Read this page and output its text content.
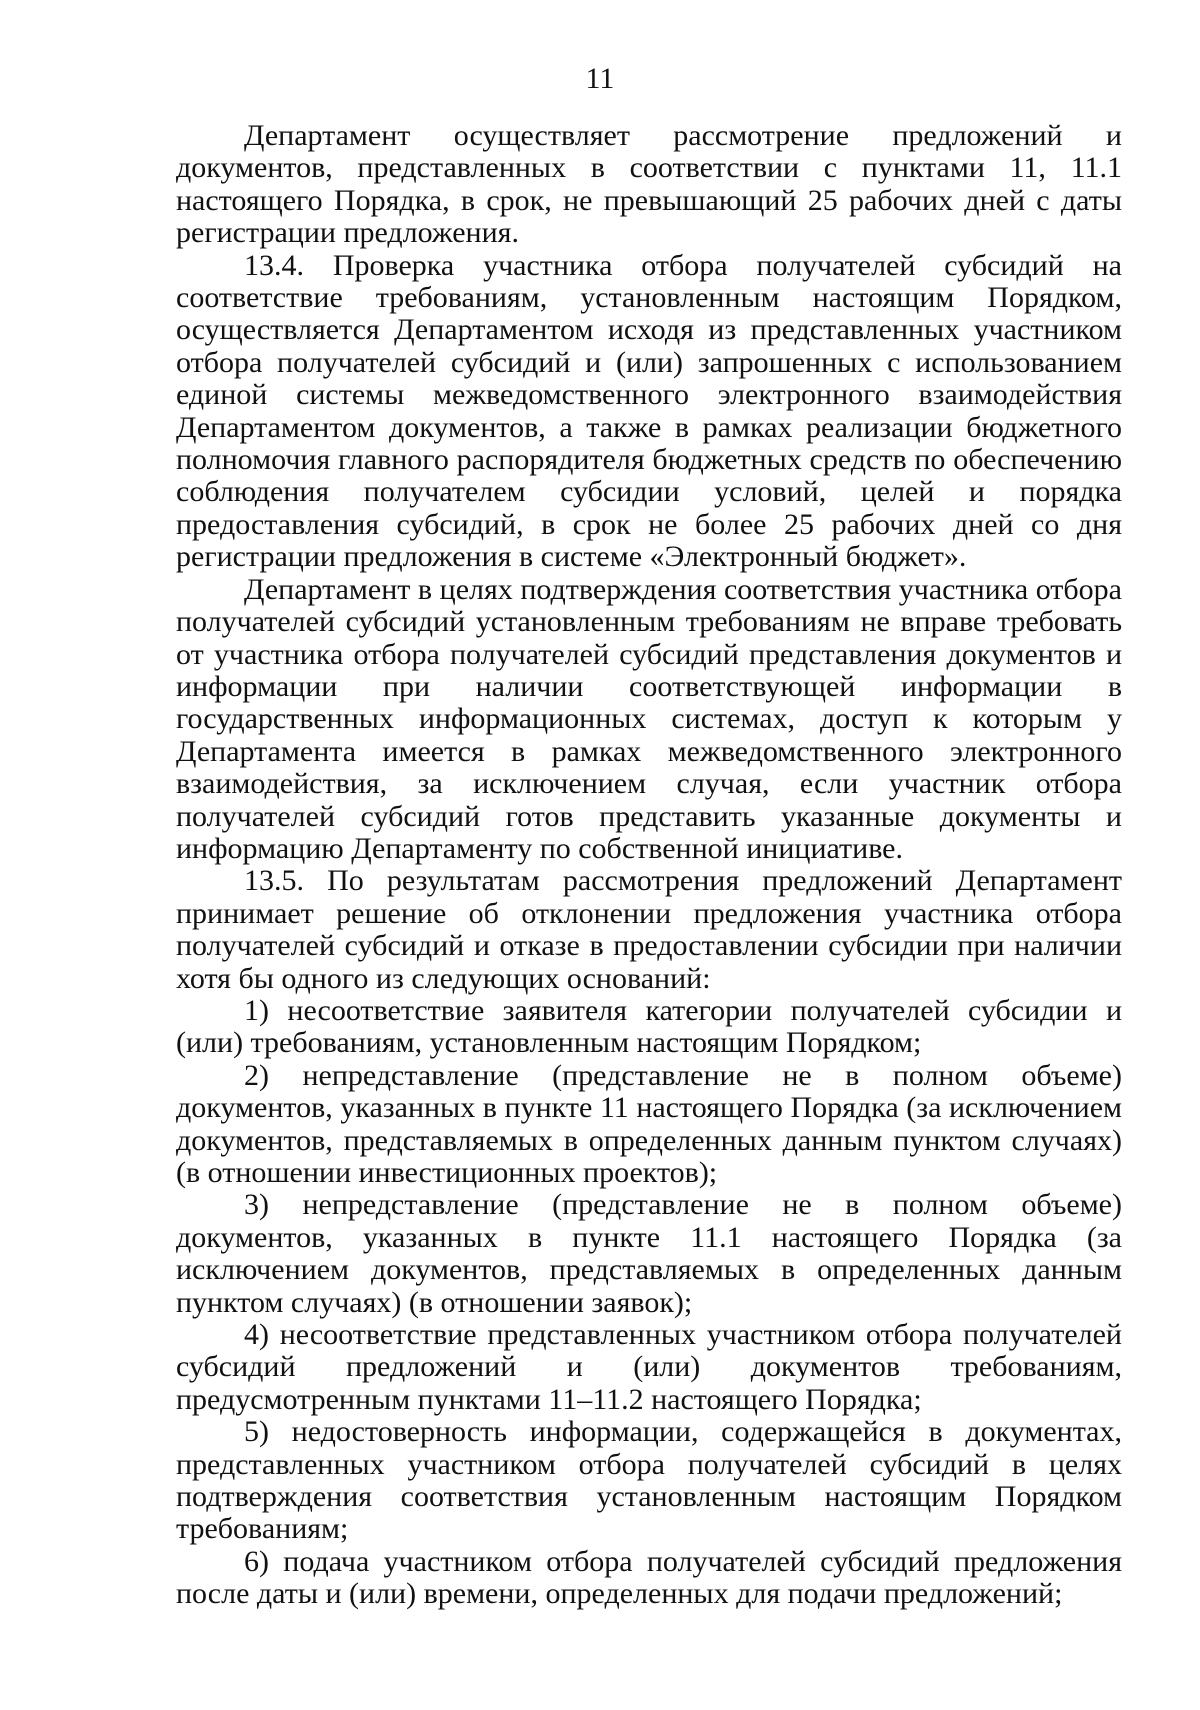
11

Департамент осуществляет рассмотрение предложений и документов, представленных в соответствии с пунктами 11, 11.1 настоящего Порядка, в срок, не превышающий 25 рабочих дней с даты регистрации предложения.

13.4. Проверка участника отбора получателей субсидий на соответствие требованиям, установленным настоящим Порядком, осуществляется Департаментом исходя из представленных участником отбора получателей субсидий и (или) запрошенных с использованием единой системы межведомственного электронного взаимодействия Департаментом документов, а также в рамках реализации бюджетного полномочия главного распорядителя бюджетных средств по обеспечению соблюдения получателем субсидии условий, целей и порядка предоставления субсидий, в срок не более 25 рабочих дней со дня регистрации предложения в системе «Электронный бюджет».

Департамент в целях подтверждения соответствия участника отбора получателей субсидий установленным требованиям не вправе требовать от участника отбора получателей субсидий представления документов и информации при наличии соответствующей информации в государственных информационных системах, доступ к которым у Департамента имеется в рамках межведомственного электронного взаимодействия, за исключением случая, если участник отбора получателей субсидий готов представить указанные документы и информацию Департаменту по собственной инициативе.

13.5. По результатам рассмотрения предложений Департамент принимает решение об отклонении предложения участника отбора получателей субсидий и отказе в предоставлении субсидии при наличии хотя бы одного из следующих оснований:

1) несоответствие заявителя категории получателей субсидии и (или) требованиям, установленным настоящим Порядком;

2) непредставление (представление не в полном объеме) документов, указанных в пункте 11 настоящего Порядка (за исключением документов, представляемых в определенных данным пунктом случаях) (в отношении инвестиционных проектов);

3) непредставление (представление не в полном объеме) документов, указанных в пункте 11.1 настоящего Порядка (за исключением документов, представляемых в определенных данным пунктом случаях) (в отношении заявок);

4) несоответствие представленных участником отбора получателей субсидий предложений и (или) документов требованиям, предусмотренным пунктами 11–11.2 настоящего Порядка;

5) недостоверность информации, содержащейся в документах, представленных участником отбора получателей субсидий в целях подтверждения соответствия установленным настоящим Порядком требованиям;

6) подача участником отбора получателей субсидий предложения после даты и (или) времени, определенных для подачи предложений;
